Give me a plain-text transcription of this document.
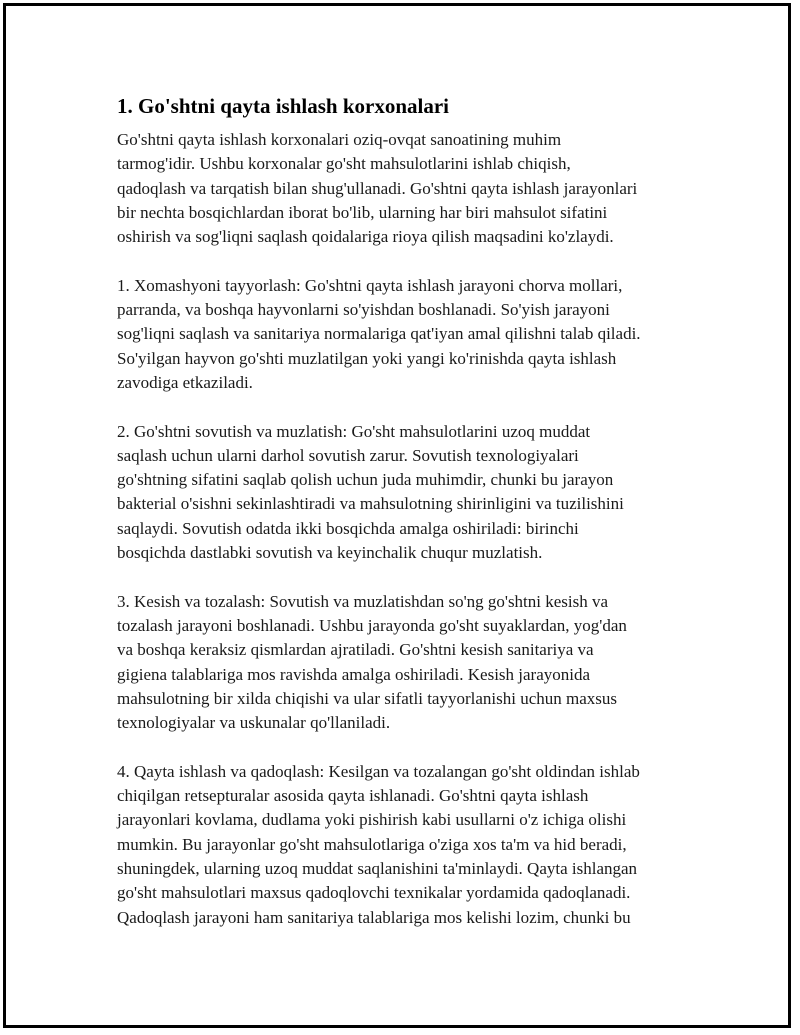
1. Go'shtni qayta ishlash korxonalari

Go'shtni qayta ishlash korxonalari oziq-ovqat sanoatining muhim
tarmog'idir. Ushbu korxonalar go'sht mahsulotlarini ishlab chiqish,
qadoqlash va tarqatish bilan shug'ullanadi. Go'shtni qayta ishlash jarayonlari
bir nechta bosqichlardan iborat bo'lib, ularning har biri mahsulot sifatini
oshirish va sog'liqni saqlash qoidalariga rioya qilish maqsadini ko'zlaydi.

1. Xomashyoni tayyorlash: Go'shtni qayta ishlash jarayoni chorva mollari,
parranda, va boshqa hayvonlarni so'yishdan boshlanadi. So'yish jarayoni
sog'liqni saqlash va sanitariya normalariga qat'iyan amal qilishni talab qiladi.
So'yilgan hayvon go'shti muzlatilgan yoki yangi ko'rinishda qayta ishlash
zavodiga etkaziladi.

2. Go'shtni sovutish va muzlatish: Go'sht mahsulotlarini uzoq muddat
saqlash uchun ularni darhol sovutish zarur. Sovutish texnologiyalari
go'shtning sifatini saqlab qolish uchun juda muhimdir, chunki bu jarayon
bakterial o'sishni sekinlashtiradi va mahsulotning shirinligini va tuzilishini
saqlaydi. Sovutish odatda ikki bosqichda amalga oshiriladi: birinchi
bosqichda dastlabki sovutish va keyinchalik chuqur muzlatish.

3. Kesish va tozalash: Sovutish va muzlatishdan so'ng go'shtni kesish va
tozalash jarayoni boshlanadi. Ushbu jarayonda go'sht suyaklardan, yog'dan
va boshqa keraksiz qismlardan ajratiladi. Go'shtni kesish sanitariya va
gigiena talablariga mos ravishda amalga oshiriladi. Kesish jarayonida
mahsulotning bir xilda chiqishi va ular sifatli tayyorlanishi uchun maxsus
texnologiyalar va uskunalar qo'llaniladi.

4. Qayta ishlash va qadoqlash: Kesilgan va tozalangan go'sht oldindan ishlab
chiqilgan retsepturalar asosida qayta ishlanadi. Go'shtni qayta ishlash
jarayonlari kovlama, dudlama yoki pishirish kabi usullarni o'z ichiga olishi
mumkin. Bu jarayonlar go'sht mahsulotlariga o'ziga xos ta'm va hid beradi,
shuningdek, ularning uzoq muddat saqlanishini ta'minlaydi. Qayta ishlangan
go'sht mahsulotlari maxsus qadoqlovchi texnikalar yordamida qadoqlanadi.
Qadoqlash jarayoni ham sanitariya talablariga mos kelishi lozim, chunki bu
